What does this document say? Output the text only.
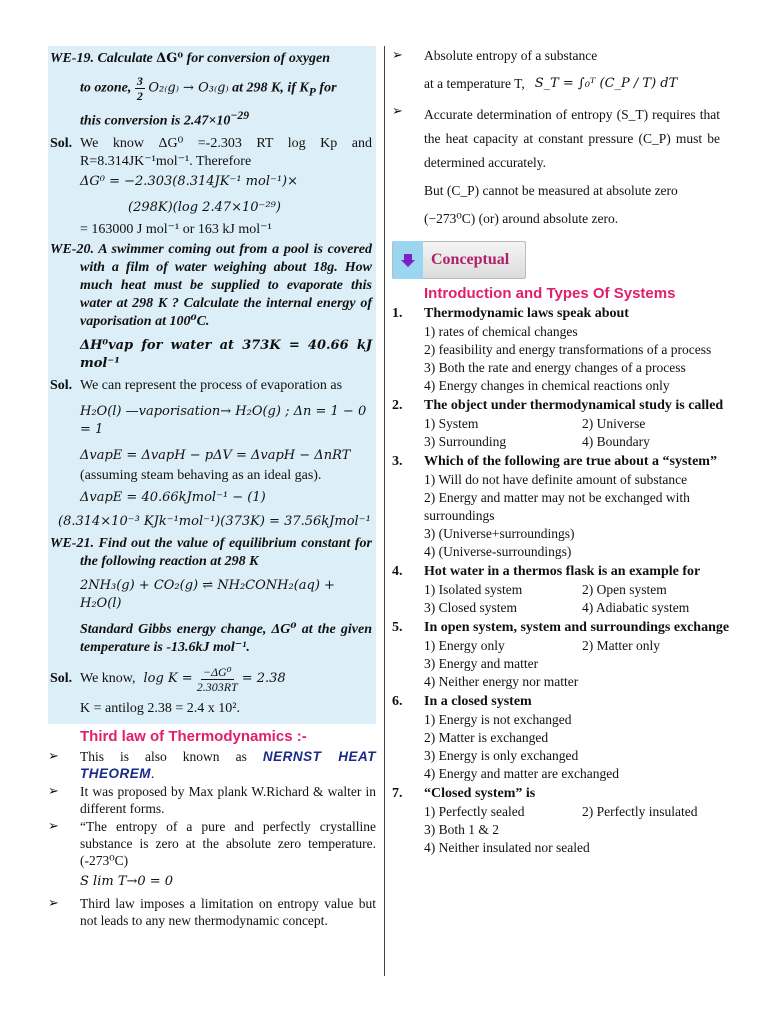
WE-19. Calculate ΔG⁰ for conversion of oxygen
to ozone, $\frac{3}{2} O_{2(}g_) \to O_{3(}g_)$ at 298 K, if $K_P$ for
this conversion is $2.47\times 10^{-29}$
Sol. We know ΔG⁰ =-2.303 RT log Kp and R=8.314JK⁻¹mol⁻¹. Therefore
ΔG⁰ = −2.303(8.314JK⁻¹ mol⁻¹)×
(298K)(log 2.47×10⁻²⁹)
= 163000 J mol⁻¹ or 163 kJ mol⁻¹
WE-20. A swimmer coming out from a pool is covered with a film of water weighing about 18g. How much heat must be supplied to evaporate this water at 298 K ? Calculate the internal energy of vaporisation at 100⁰C.
ΔH⁰vap for water at 373K = 40.66 kJ mol⁻¹
Sol. We can represent the process of evaporation as
H₂O(l) —vaporisation→ H₂O(g) ; Δn = 1 − 0 = 1
ΔvapE = ΔvapH − pΔV = ΔvapH − ΔnRT
(assuming steam behaving as an ideal gas).
ΔvapE = 40.66kJmol⁻¹ − (1)
(8.314×10⁻³ KJk⁻¹mol⁻¹)(373K) = 37.56kJmol⁻¹
WE-21. Find out the value of equilibrium constant for the following reaction at 298 K
2NH₃(g) + CO₂(g) ⇌ NH₂CONH₂(aq) + H₂O(l)
Standard Gibbs energy change, ΔG⁰ at the given temperature is -13.6kJ mol⁻¹.
Sol. We know, $\log K = \frac{\text{−ΔG⁰}}{2.303RT} = 2.38$
K = antilog 2.38 = 2.4 x 10².
Third law of Thermodynamics :-
➢	This is also known as NERNST HEAT THEOREM.
➢	It was proposed by Max plank W.Richard & walter in different forms.
➢	“The entropy of a pure and perfectly crystalline substance is zero at the absolute zero temperature.(-273⁰C)
S lim T→0 = 0
➢	Third law imposes a limitation on entropy value but not leads to any new thermodynamic concept.
➢	Absolute entropy of a substance
at a temperature T, S_T = ∫₀ᵀ (C_P / T) dT
➢	Accurate determination of entropy (S_T) requires that the heat capacity at constant pressure (C_P) must be determined accurately.
But (C_P) cannot be measured at absolute zero (−273⁰C) (or) around absolute zero.
Conceptual
Introduction and Types Of Systems
1.	Thermodynamic laws speak about
1) rates of chemical changes
2) feasibility and energy transformations of a process
3) Both the rate and energy changes of a process
4) Energy changes in chemical reactions only
2.	The object under thermodynamical study is called
1) System	2) Universe
3) Surrounding	4) Boundary
3.	Which of the following are true about a “system”
1) Will do not have definite amount of substance
2) Energy and matter may not be exchanged with surroundings
3) (Universe+surroundings)
4) (Universe-surroundings)
4.	Hot water in a thermos flask is an example for
1) Isolated system	2) Open system
3) Closed system	4) Adiabatic system
5.	In open system, system and surroundings exchange
1) Energy only	2) Matter only
3) Energy and matter
4) Neither energy nor matter
6.	In a closed system
1) Energy is not exchanged
2) Matter is exchanged
3) Energy is only exchanged
4) Energy and matter are exchanged
7.	“Closed system” is
1) Perfectly sealed	2) Perfectly insulated
3) Both 1 & 2
4) Neither insulated nor sealed
